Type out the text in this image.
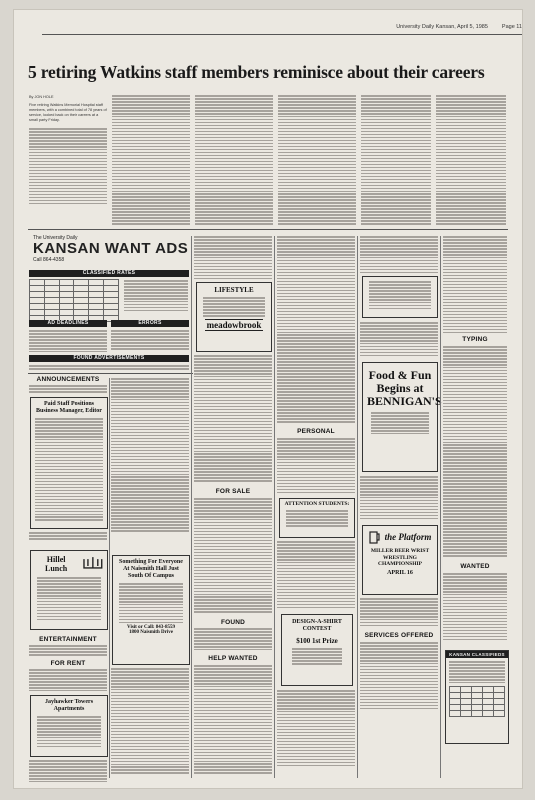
University Daily Kansan, April 5, 1985	Page 11
5 retiring Watkins staff members reminisce about their careers
By JON HOLE
Five retiring Watkins Memorial Hospital staff members, with a combined total of 78 years of service, looked back on their careers at a small party Friday.
The University Daily
KANSAN WANT ADS
Call 864-4358
CLASSIFIED RATES

AD DEADLINES	ERRORS
FOUND ADVERTISEMENTS
ANNOUNCEMENTS
Paid Staff Positions Business Manager, Editor
Hillel Lunch
ENTERTAINMENT
FOR RENT
Jayhawker Towers Apartments
Something For Everyone At Naismith Hall Just South Of Campus
Visit or Call: 843-8559
1800 Naismith Drive
LIFESTYLE
meadowbrook
FOR SALE
FOUND
HELP WANTED
PERSONAL
ATTENTION STUDENTS:
DESIGN-A-SHIRT CONTEST
$100 1st Prize
Food & Fun Begins at BENNIGAN'S
the Platform
MILLER BEER WRIST WRESTLING CHAMPIONSHIP
APRIL 16
SERVICES OFFERED
TYPING
WANTED
KANSAN CLASSIFIEDS
